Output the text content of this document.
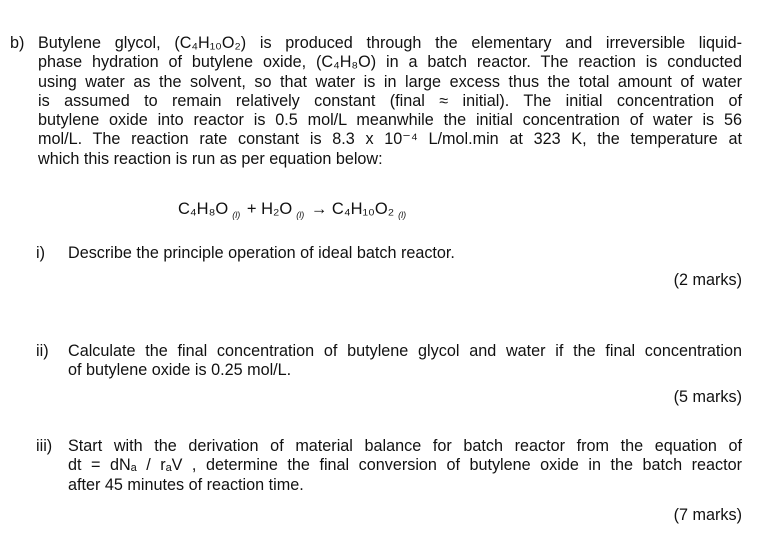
b) Butylene glycol, (C₄H₁₀O₂) is produced through the elementary and irreversible liquid-
phase hydration of butylene oxide, (C₄H₈O) in a batch reactor. The reaction is conducted
using water as the solvent, so that water is in large excess thus the total amount of water
is assumed to remain relatively constant (final ≈ initial). The initial concentration of
butylene oxide into reactor is 0.5 mol/L meanwhile the initial concentration of water is 56
mol/L. The reaction rate constant is 8.3 x 10⁻⁴ L/mol.min at 323 K, the temperature at
which this reaction is run as per equation below:
C₄H₈O $_{(l)}$ + H₂O $_{(l)}$ → C₄H₁₀O₂ $_{(l)}$
i) Describe the principle operation of ideal batch reactor.
(2 marks)
ii) Calculate the final concentration of butylene glycol and water if the final concentration
of butylene oxide is 0.25 mol/L.
(5 marks)
iii) Start with the derivation of material balance for batch reactor from the equation of
dt = dNₐ / rₐV , determine the final conversion of butylene oxide in the batch reactor
after 45 minutes of reaction time.
(7 marks)
